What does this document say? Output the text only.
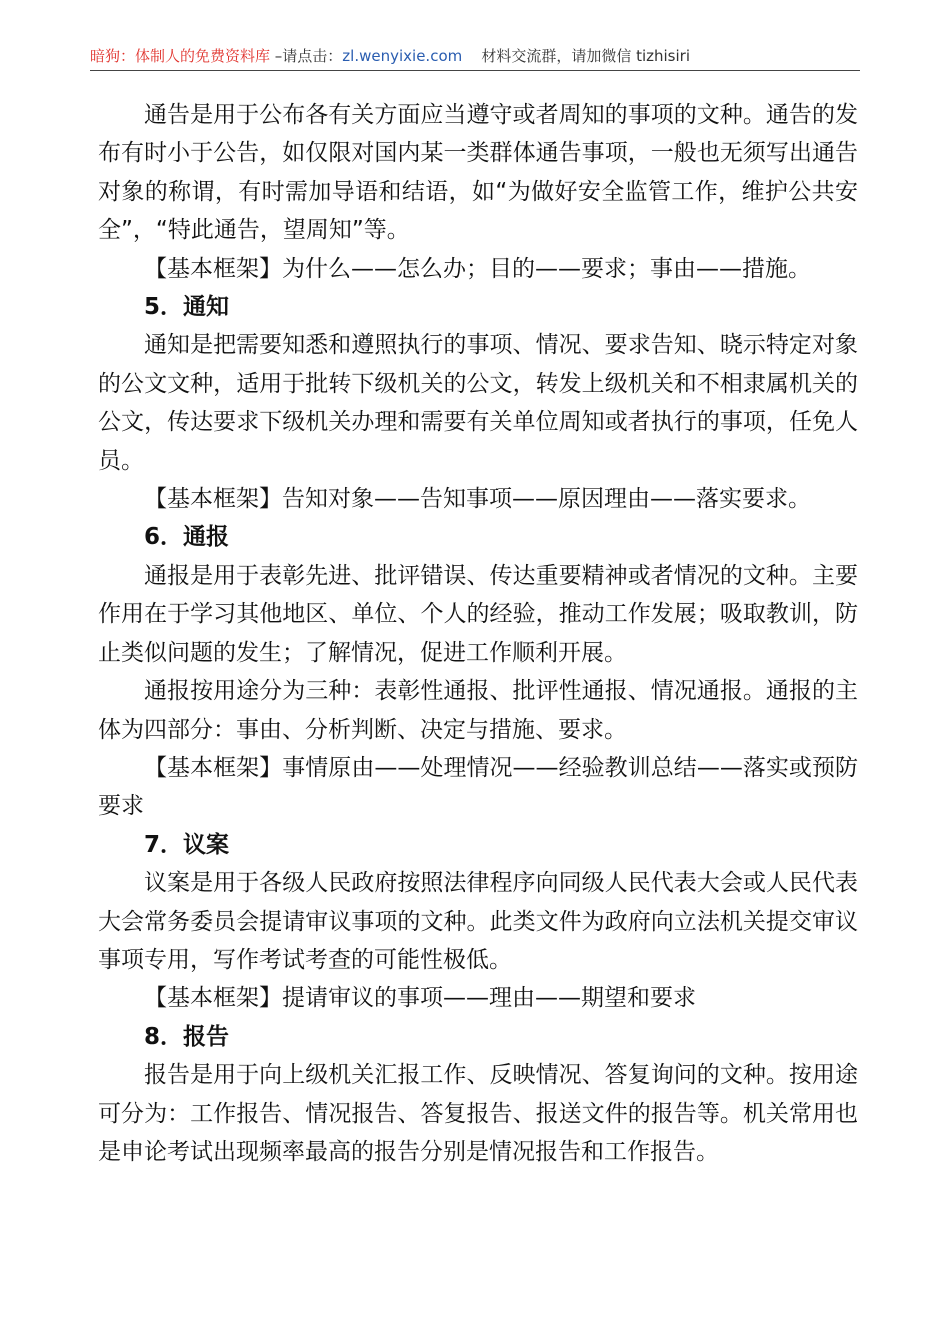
暗狗：体制人的免费资料库 –请点击：zl.wenyixie.com 材料交流群，请加微信 tizhisiri

通告是用于公布各有关方面应当遵守或者周知的事项的文种。通告的发布有时小于公告，如仅限对国内某一类群体通告事项，一般也无须写出通告对象的称谓，有时需加导语和结语，如“为做好安全监管工作，维护公共安全”，“特此通告，望周知”等。

【基本框架】为什么——怎么办；目的——要求；事由——措施。

5．通知

通知是把需要知悉和遵照执行的事项、情况、要求告知、晓示特定对象的公文文种，适用于批转下级机关的公文，转发上级机关和不相隶属机关的公文，传达要求下级机关办理和需要有关单位周知或者执行的事项，任免人员。

【基本框架】告知对象——告知事项——原因理由——落实要求。

6．通报

通报是用于表彰先进、批评错误、传达重要精神或者情况的文种。主要作用在于学习其他地区、单位、个人的经验，推动工作发展；吸取教训，防止类似问题的发生；了解情况，促进工作顺利开展。

通报按用途分为三种：表彰性通报、批评性通报、情况通报。通报的主体为四部分：事由、分析判断、决定与措施、要求。

【基本框架】事情原由——处理情况——经验教训总结——落实或预防要求

7．议案

议案是用于各级人民政府按照法律程序向同级人民代表大会或人民代表大会常务委员会提请审议事项的文种。此类文件为政府向立法机关提交审议事项专用，写作考试考查的可能性极低。

【基本框架】提请审议的事项——理由——期望和要求

8．报告

报告是用于向上级机关汇报工作、反映情况、答复询问的文种。按用途可分为：工作报告、情况报告、答复报告、报送文件的报告等。机关常用也是申论考试出现频率最高的报告分别是情况报告和工作报告。
